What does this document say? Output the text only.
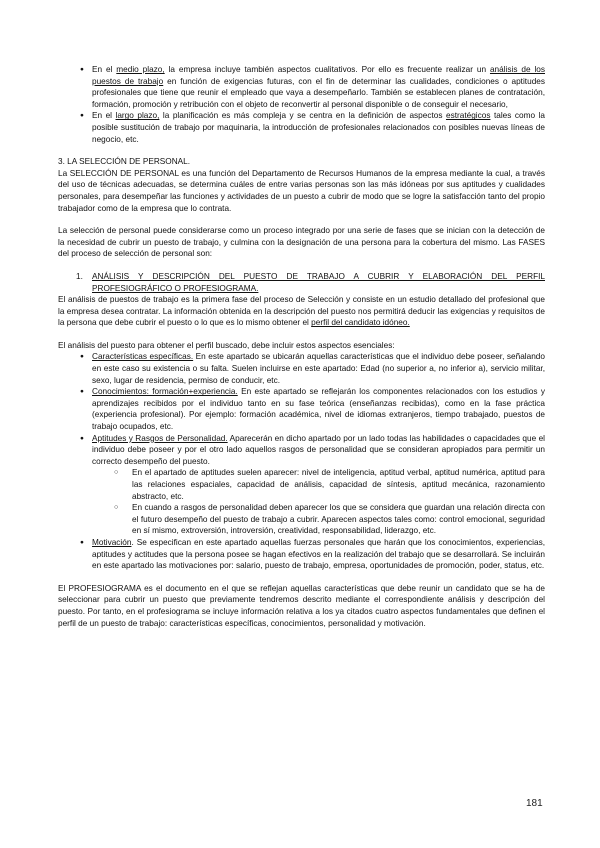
● En el medio plazo, la empresa incluye también aspectos cualitativos. Por ello es frecuente realizar un análisis de los puestos de trabajo en función de exigencias futuras, con el fin de determinar las cualidades, condiciones o aptitudes profesionales que tiene que reunir el empleado que vaya a desempeñarlo. También se establecen planes de contratación, formación, promoción y retribución con el objeto de reconvertir al personal disponible o de conseguir el necesario,
● En el largo plazo, la planificación es más compleja y se centra en la definición de aspectos estratégicos tales como la posible sustitución de trabajo por maquinaria, la introducción de profesionales relacionados con posibles nuevas líneas de negocio, etc.

3. LA SELECCIÓN DE PERSONAL.

La SELECCIÓN DE PERSONAL es una función del Departamento de Recursos Humanos de la empresa mediante la cual, a través del uso de técnicas adecuadas, se determina cuáles de entre varias personas son las más idóneas por sus aptitudes y cualidades personales, para desempeñar las funciones y actividades de un puesto a cubrir de modo que se logre la satisfacción tanto del propio trabajador como de la empresa que lo contrata.

La selección de personal puede considerarse como un proceso integrado por una serie de fases que se inician con la detección de la necesidad de cubrir un puesto de trabajo, y culmina con la designación de una persona para la cobertura del mismo. Las FASES del proceso de selección de personal son:

1. ANÁLISIS Y DESCRIPCIÓN DEL PUESTO DE TRABAJO A CUBRIR Y ELABORACIÓN DEL PERFIL PROFESIOGRÁFICO O PROFESIOGRAMA.

El análisis de puestos de trabajo es la primera fase del proceso de Selección y consiste en un estudio detallado del profesional que la empresa desea contratar. La información obtenida en la descripción del puesto nos permitirá deducir las exigencias y requisitos de la persona que debe cubrir el puesto o lo que es lo mismo obtener el perfil del candidato idóneo.

El análisis del puesto para obtener el perfil buscado, debe incluir estos aspectos esenciales:

● Características específicas. En este apartado se ubicarán aquellas características que el individuo debe poseer, señalando en este caso su existencia o su falta. Suelen incluirse en este apartado: Edad (no superior a, no inferior a), servicio militar, sexo, lugar de residencia, permiso de conducir, etc.
● Conocimientos: formación+experiencia. En este apartado se reflejarán los componentes relacionados con los estudios y aprendizajes recibidos por el individuo tanto en su fase teórica (enseñanzas recibidas), como en la fase práctica (experiencia profesional). Por ejemplo: formación académica, nivel de idiomas extranjeros, tiempo trabajado, puestos de trabajo ocupados, etc.
● Aptitudes y Rasgos de Personalidad. Aparecerán en dicho apartado por un lado todas las habilidades o capacidades que el individuo debe poseer y por el otro lado aquellos rasgos de personalidad que se consideran apropiados para permitir un correcto desempeño del puesto.
○ En el apartado de aptitudes suelen aparecer: nivel de inteligencia, aptitud verbal, aptitud numérica, aptitud para las relaciones espaciales, capacidad de análisis, capacidad de síntesis, aptitud mecánica, razonamiento abstracto, etc.
○ En cuando a rasgos de personalidad deben aparecer los que se considera que guardan una relación directa con el futuro desempeño del puesto de trabajo a cubrir. Aparecen aspectos tales como: control emocional, seguridad en sí mismo, extroversión, introversión, creatividad, responsabilidad, liderazgo, etc.
● Motivación. Se especifican en este apartado aquellas fuerzas personales que harán que los conocimientos, experiencias, aptitudes y actitudes que la persona posee se hagan efectivos en la realización del trabajo que se desarrollará. Se incluirán en este apartado las motivaciones por: salario, puesto de trabajo, empresa, oportunidades de promoción, poder, status, etc.

El PROFESIOGRAMA es el documento en el que se reflejan aquellas características que debe reunir un candidato que se ha de seleccionar para cubrir un puesto que previamente tendremos descrito mediante el correspondiente análisis y descripción del puesto. Por tanto, en el profesiograma se incluye información relativa a los ya citados cuatro aspectos fundamentales que definen el perfil de un puesto de trabajo: características específicas, conocimientos, personalidad y motivación.

181
